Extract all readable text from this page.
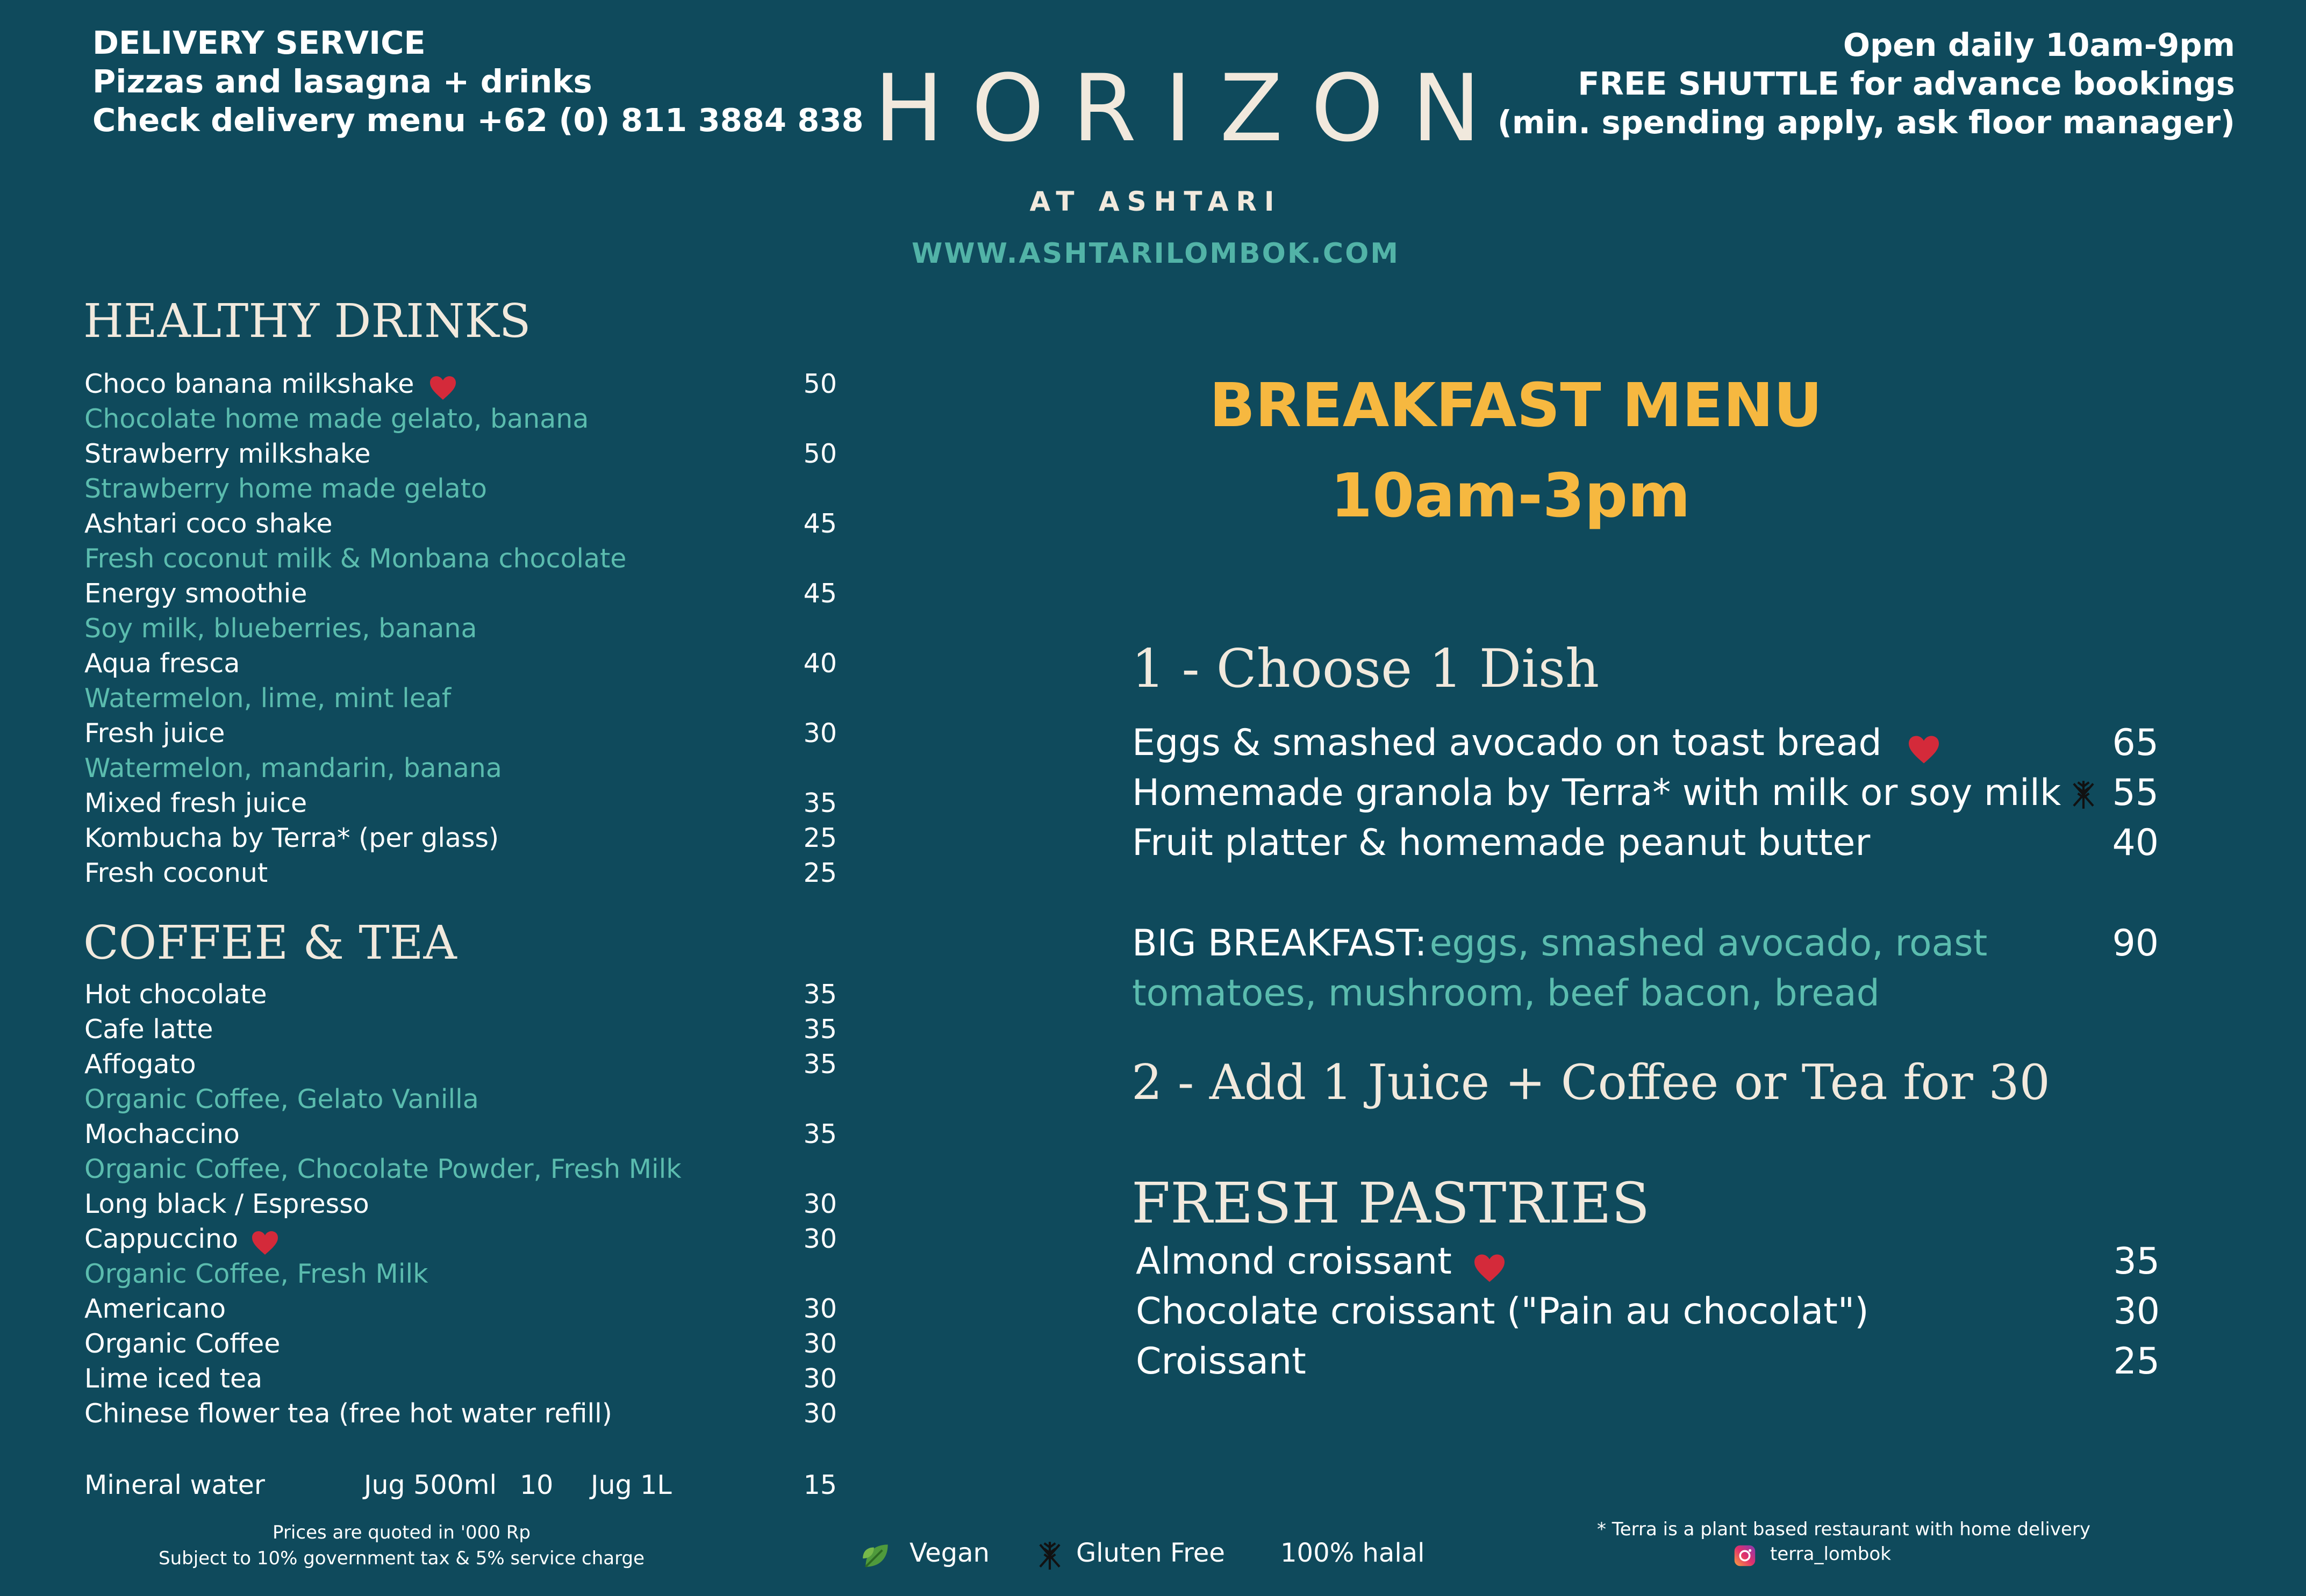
DELIVERY SERVICE
Pizzas and lasagna + drinks
Check delivery menu +62 (0) 811 3884 838
Open daily 10am-9pm
FREE SHUTTLE for advance bookings
(min. spending apply, ask floor manager)
HORIZON
AT ASHTARI
WWW.ASHTARILOMBOK.COM
HEALTHY DRINKS
Choco banana milkshake	50
Chocolate home made gelato, banana
Strawberry milkshake	50
Strawberry home made gelato
Ashtari coco shake	45
Fresh coconut milk & Monbana chocolate
Energy smoothie	45
Soy milk, blueberries, banana
Aqua fresca	40
Watermelon, lime, mint leaf
Fresh juice	30
Watermelon, mandarin, banana
Mixed fresh juice	35
Kombucha by Terra* (per glass)	25
Fresh coconut	25
COFFEE & TEA
Hot chocolate	35
Cafe latte	35
Affogato	35
Organic Coffee, Gelato Vanilla
Mochaccino	35
Organic Coffee, Chocolate Powder, Fresh Milk
Long black / Espresso	30
Cappuccino	30
Organic Coffee, Fresh Milk
Americano	30
Organic Coffee	30
Lime iced tea	30
Chinese flower tea (free hot water refill)	30
Mineral water	Jug 500ml 10 Jug 1L	15
Prices are quoted in '000 Rp
Subject to 10% government tax & 5% service charge
BREAKFAST MENU
10am-3pm
1 - Choose 1 Dish
Eggs & smashed avocado on toast bread	65
Homemade granola by Terra* with milk or soy milk	55
Fruit platter & homemade peanut butter	40
BIG BREAKFAST: eggs, smashed avocado, roast	90
tomatoes, mushroom, beef bacon, bread
2 - Add 1 Juice + Coffee or Tea for 30
FRESH PASTRIES
Almond croissant	35
Chocolate croissant ("Pain au chocolat")	30
Croissant	25
Vegan	Gluten Free 100% halal
* Terra is a plant based restaurant with home delivery
terra_lombok
